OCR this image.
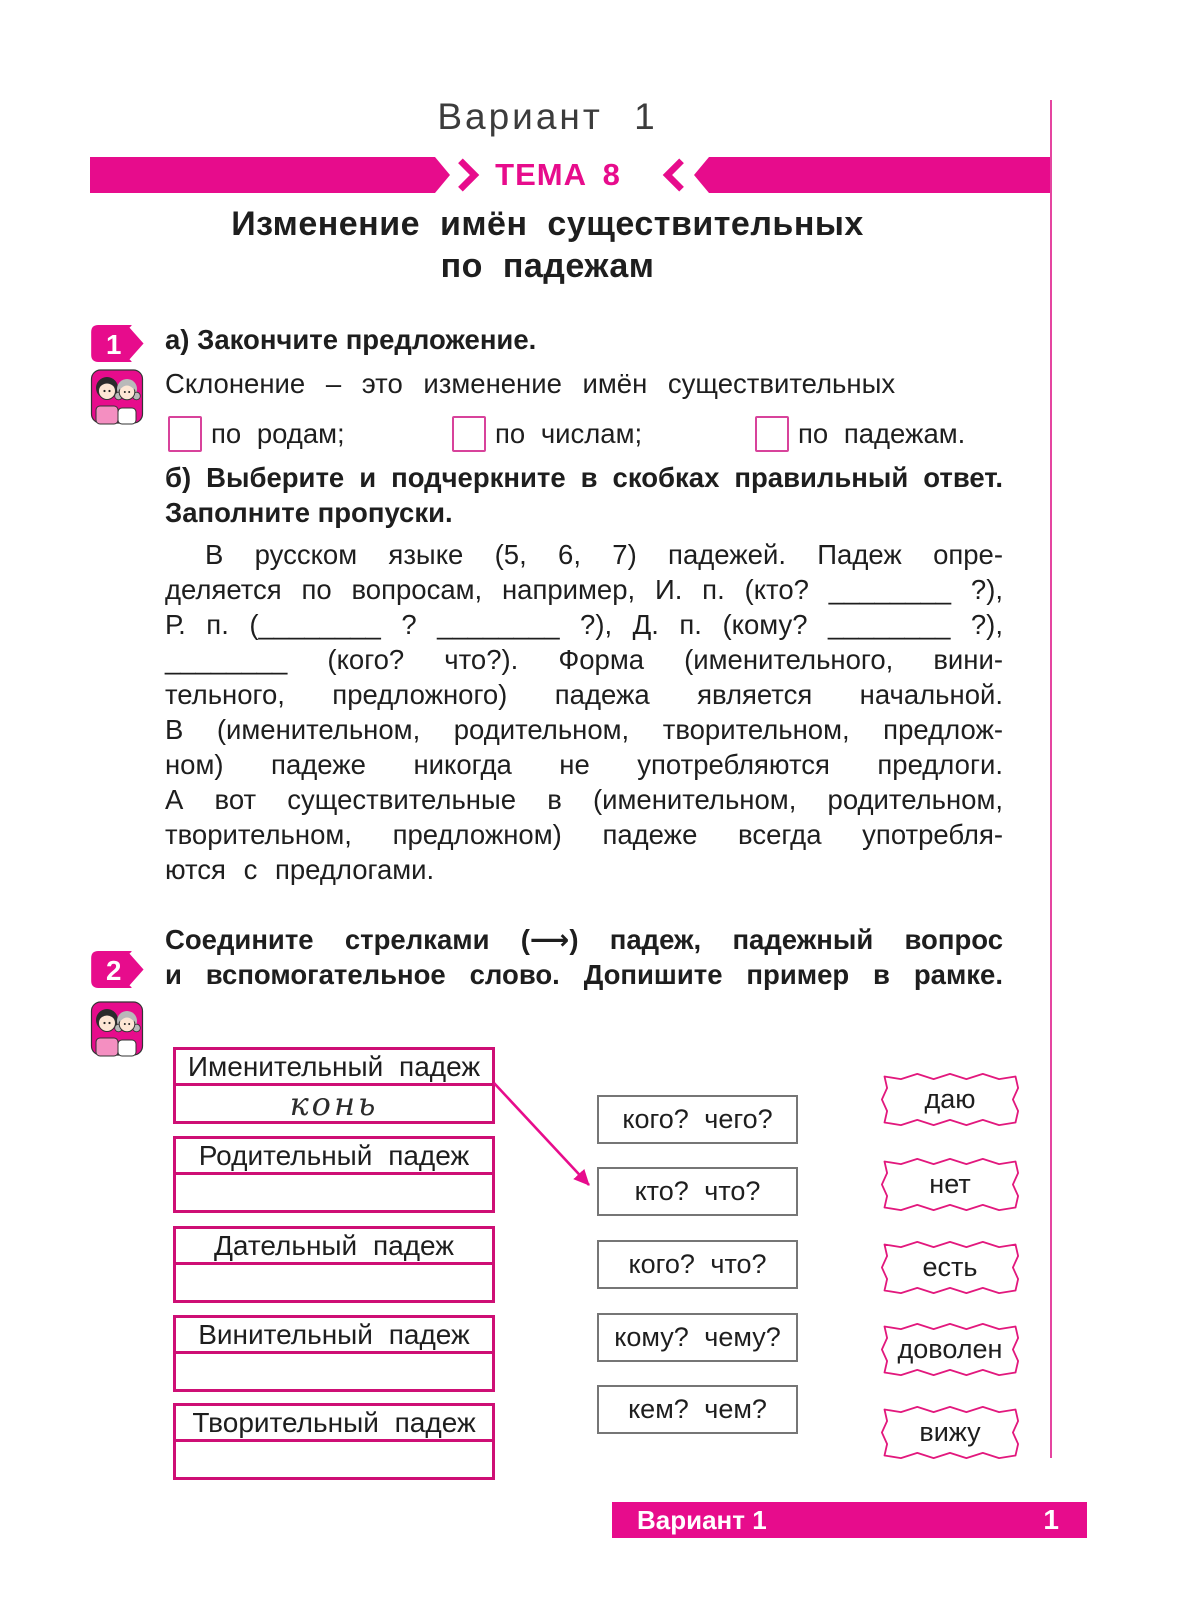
Вариант 1
ТЕМА 8
Изменение имён существительных
по падежам
1 а) Закончите предложение.
Склонение – это изменение имён существительных
по родам;	по числам;	по падежам.
б) Выберите и подчеркните в скобках правильный ответ.
Заполните пропуски.
В русском языке (5, 6, 7) падежей. Падеж опре-
деляется по вопросам, например, И. п. (кто? ________ ?),
Р. п. (________ ? ________ ?), Д. п. (кому? ________ ?),
________ (кого? что?). Форма (именительного, вини-
тельного, предложного) падежа является начальной.
В (именительном, родительном, творительном, предлож-
ном) падеже никогда не употребляются предлоги.
А вот существительные в (именительном, родительном,
творительном, предложном) падеже всегда употребля-
ются с предлогами.
2
Соедините стрелками (⟶) падеж, падежный вопрос
и вспомогательное слово. Допишите пример в рамке.
Именительный падеж
конь
Родительный падеж
Дательный падеж
Винительный падеж
Творительный падеж
кого? чего?
кто? что?
кого? что?
кому? чему?
кем? чем?
даю
нет
есть
доволен
вижу
Вариант 1	1
